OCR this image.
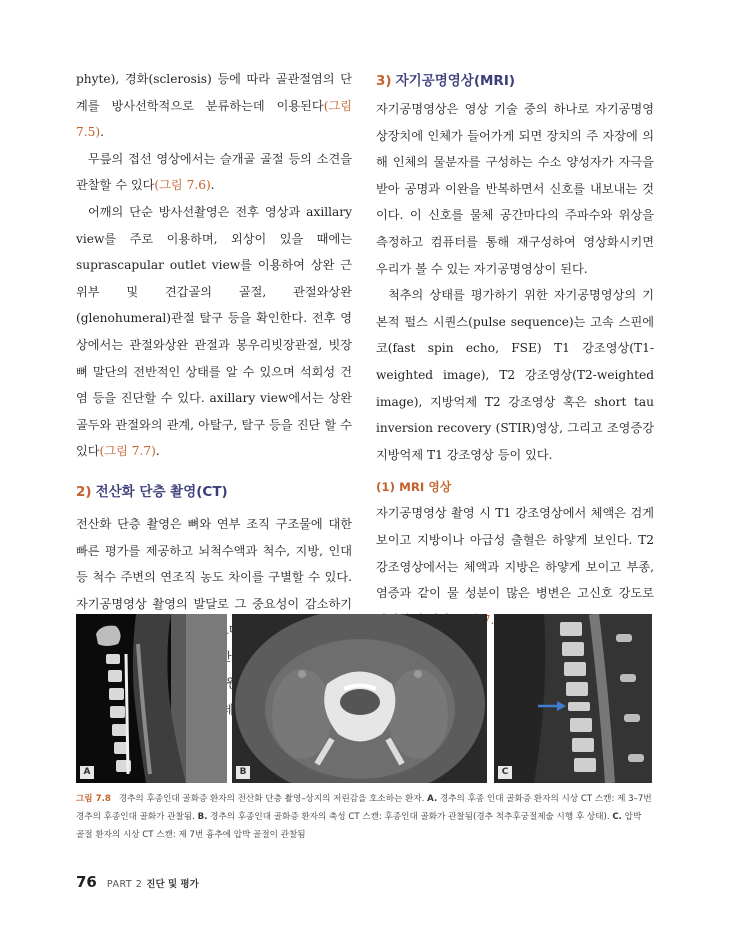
phyte), 경화(sclerosis) 등에 따라 골관절염의 단계를 방사선학적으로 분류하는데 이용된다(그림 7.5).

무릎의 접선 영상에서는 슬개골 골절 등의 소견을 관찰할 수 있다(그림 7.6).

어깨의 단순 방사선촬영은 전후 영상과 axillary view를 주로 이용하며, 외상이 있을 때에는 suprascapular outlet view를 이용하여 상완 근위부 및 견갑골의 골절, 관절와상완(glenohumeral)관절 탈구 등을 확인한다. 전후 영상에서는 관절와상완 관절과 봉우리빗장관절, 빗장뼈 말단의 전반적인 상태를 알 수 있으며 석회성 건염 등을 진단할 수 있다. axillary view에서는 상완골두와 관절와의 관계, 아탈구, 탈구 등을 진단 할 수 있다(그림 7.7).

2) 전산화 단층 촬영(CT)

전산화 단층 촬영은 뼈와 연부 조직 구조물에 대한 빠른 평가를 제공하고 뇌척수액과 척수, 지방, 인대 등 척수 주변의 연조직 농도 차이를 구별할 수 있다. 자기공명영상 촬영의 발달로 그 중요성이 감소하기

3) 자기공명영상(MRI)

자기공명영상은 영상 기술 중의 하나로 자기공명영상장치에 인체가 들어가게 되면 장치의 주 자장에 의해 인체의 물분자를 구성하는 수소 양성자가 자극을 받아 공명과 이완을 반복하면서 신호를 내보내는 것이다. 이 신호를 물체 공간마다의 주파수와 위상을 측정하고 컴퓨터를 통해 재구성하여 영상화시키면 우리가 볼 수 있는 자기공명영상이 된다.

척추의 상태를 평가하기 위한 자기공명영상의 기본적 펄스 시퀀스(pulse sequence)는 고속 스핀에코(fast spin echo, FSE) T1 강조영상(T1-weighted image), T2 강조영상(T2-weighted image), 지방억제 T2 강조영상 혹은 short tau inversion recovery (STIR)영상, 그리고 조영증강 지방억제 T1 강조영상 등이 있다.

(1) MRI 영상

자기공명영상 촬영 시 T1 강조영상에서 체액은 검게 보이고 지방이나 아급성 출혈은 하얗게 보인다. T2 강조영상에서는 체액과 지방은 하얗게 보이고 부종, 염증과 같이 물 성분이 많은 병변은 고신호 강도로

A	B	C
그림 7.8 경추의 후종인대 골화증 환자의 전산화 단층 촬영–상지의 저린감을 호소하는 환자. A. 경추의 후종 인대 골화증 환자의 시상 CT 스캔: 제 3–7번 경추의 후종인대 골화가 관찰됨. B. 경추의 후종인대 골화증 환자의 축성 CT 스캔: 후종인대 골화가 관찰됨(경추 척추후궁절제술 시행 후 상태). C. 압박 골절 환자의 시상 CT 스캔: 제 7번 흉추에 압박 골절이 관찰됨
76 PART 2 진단 및 평가
